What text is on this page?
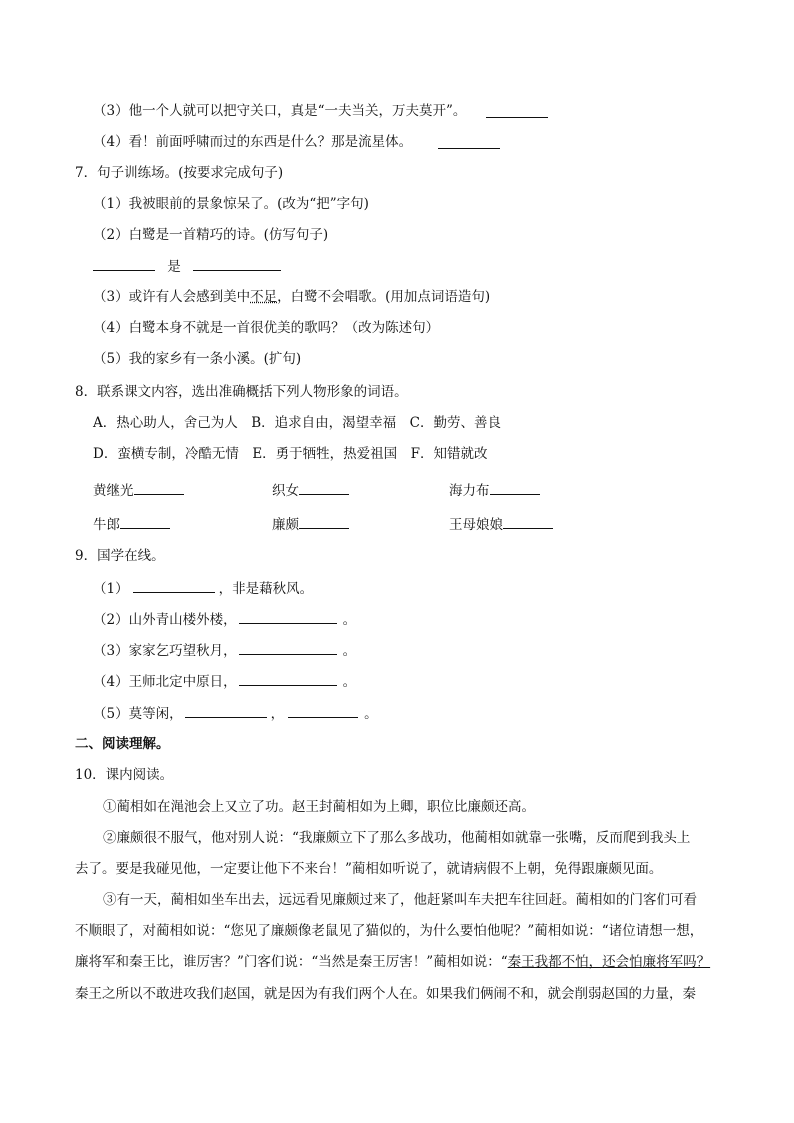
（3）他一个人就可以把守关口，真是“一夫当关，万夫莫开”。
（4）看！前面呼啸而过的东西是什么？那是流星体。
7．句子训练场。(按要求完成句子)
（1）我被眼前的景象惊呆了。(改为“把”字句)
（2）白鹭是一首精巧的诗。(仿写句子)
是
（3）或许有人会感到美中不足，白鹭不会唱歌。(用加点词语造句)
（4）白鹭本身不就是一首很优美的歌吗？（改为陈述句）
（5）我的家乡有一条小溪。(扩句)
8．联系课文内容，选出准确概括下列人物形象的词语。
A．热心助人，舍己为人　B．追求自由，渴望幸福　C．勤劳、善良
D．蛮横专制，冷酷无情　E．勇于牺牲，热爱祖国　F．知错就改
黄继光	织女	海力布
牛郎	廉颇	王母娘娘
9．国学在线。
（1）	，非是藉秋风。
（2）山外青山楼外楼，	。
（3）家家乞巧望秋月，	。
（4）王师北定中原日，	。
（5）莫等闲，	，	。
二、阅读理解。
10．课内阅读。
①蔺相如在渑池会上又立了功。赵王封蔺相如为上卿，职位比廉颇还高。
②廉颇很不服气，他对别人说：“我廉颇立下了那么多战功，他蔺相如就靠一张嘴，反而爬到我头上
去了。要是我碰见他，一定要让他下不来台！”蔺相如听说了，就请病假不上朝，免得跟廉颇见面。
③有一天，蔺相如坐车出去，远远看见廉颇过来了，他赶紧叫车夫把车往回赶。蔺相如的门客们可看
不顺眼了，对蔺相如说：“您见了廉颇像老鼠见了猫似的，为什么要怕他呢？”蔺相如说：“诸位请想一想，
廉将军和秦王比，谁厉害？”门客们说：“当然是秦王厉害！”蔺相如说：“秦王我都不怕，还会怕廉将军吗？
秦王之所以不敢进攻我们赵国，就是因为有我们两个人在。如果我们俩闹不和，就会削弱赵国的力量，秦
